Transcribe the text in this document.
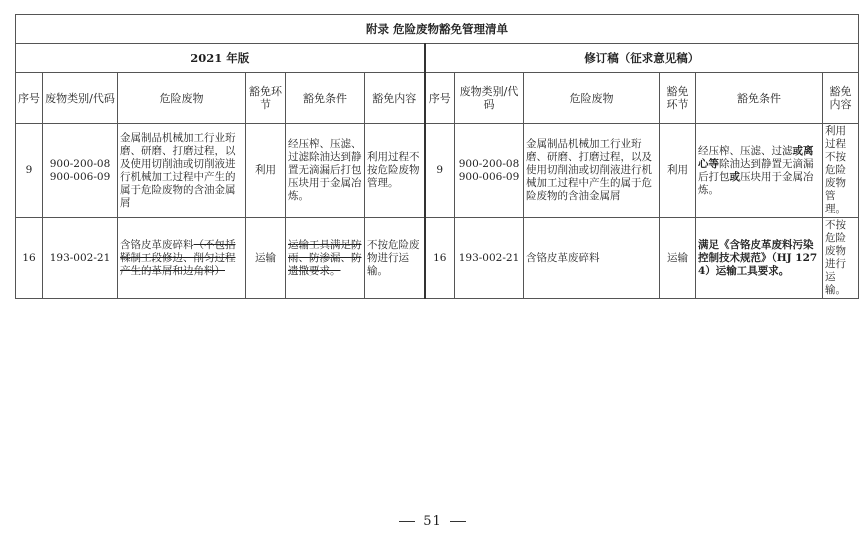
附录 危险废物豁免管理清单											
2021 年版						修订稿（征求意见稿）					
序号	废物类别/代码	危险废物	豁免环节	豁免条件	豁免内容	序号	废物类别/代码	危险废物	豁免环节	豁免条件	豁免内容
9	900-200-08 900-006-09	金属制品机械加工行业珩磨、研磨、打磨过程，以及使用切削油或切削液进行机械加工过程中产生的属于危险废物的含油金属屑	利用	经压榨、压滤、过滤除油达到静置无滴漏后打包压块用于金属冶炼。	利用过程不按危险废物管理。	9	900-200-08 900-006-09	金属制品机械加工行业珩磨、研磨、打磨过程，以及使用切削油或切削液进行机械加工过程中产生的属于危险废物的含油金属屑	利用	经压榨、压滤、过滤或离心等除油达到静置无滴漏后打包或压块用于金属冶炼。	利用过程不按危险废物管理。
16	193-002-21	含铬皮革废碎料（不包括鞣制工段修边、削匀过程产生的革屑和边角料）	运输	运输工具满足防雨、防渗漏、防遗撒要求。	不按危险废物进行运输。	16	193-002-21	含铬皮革废碎料	运输	满足《含铬皮革废料污染控制技术规范》（HJ 1274）运输工具要求。	不按危险废物进行运输。
51
